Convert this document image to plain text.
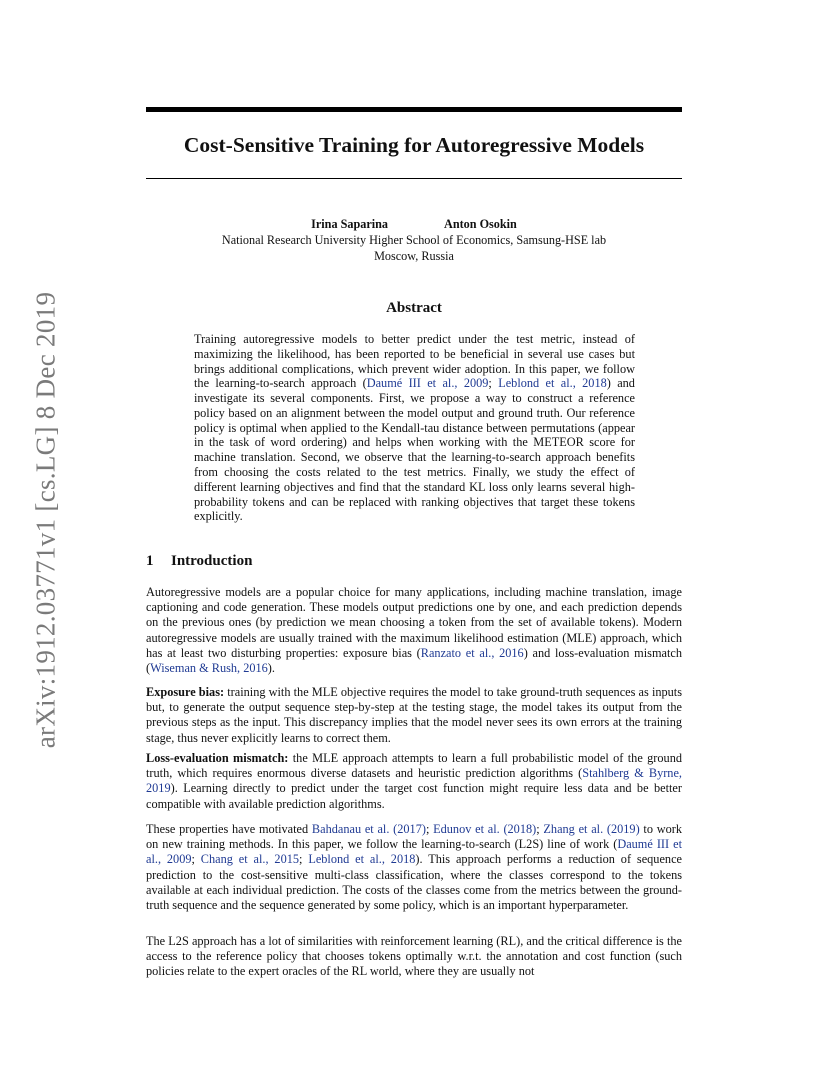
arXiv:1912.03771v1 [cs.LG] 8 Dec 2019
Cost-Sensitive Training for Autoregressive Models
Irina Saparina	Anton Osokin
National Research University Higher School of Economics, Samsung-HSE lab
Moscow, Russia
Abstract
Training autoregressive models to better predict under the test metric, instead of maximizing the likelihood, has been reported to be beneficial in several use cases but brings additional complications, which prevent wider adoption. In this paper, we follow the learning-to-search approach (Daumé III et al., 2009; Leblond et al., 2018) and investigate its several components. First, we propose a way to construct a reference policy based on an alignment between the model output and ground truth. Our reference policy is optimal when applied to the Kendall-tau distance between permutations (appear in the task of word ordering) and helps when working with the METEOR score for machine translation. Second, we observe that the learning-to-search approach benefits from choosing the costs related to the test metrics. Finally, we study the effect of different learning objectives and find that the standard KL loss only learns several high-probability tokens and can be replaced with ranking objectives that target these tokens explicitly.
1 Introduction
Autoregressive models are a popular choice for many applications, including machine translation, image captioning and code generation. These models output predictions one by one, and each prediction depends on the previous ones (by prediction we mean choosing a token from the set of available tokens). Modern autoregressive models are usually trained with the maximum likelihood estimation (MLE) approach, which has at least two disturbing properties: exposure bias (Ranzato et al., 2016) and loss-evaluation mismatch (Wiseman & Rush, 2016).
Exposure bias: training with the MLE objective requires the model to take ground-truth sequences as inputs but, to generate the output sequence step-by-step at the testing stage, the model takes its output from the previous steps as the input. This discrepancy implies that the model never sees its own errors at the training stage, thus never explicitly learns to correct them.
Loss-evaluation mismatch: the MLE approach attempts to learn a full probabilistic model of the ground truth, which requires enormous diverse datasets and heuristic prediction algorithms (Stahlberg & Byrne, 2019). Learning directly to predict under the target cost function might require less data and be better compatible with available prediction algorithms.
These properties have motivated Bahdanau et al. (2017); Edunov et al. (2018); Zhang et al. (2019) to work on new training methods. In this paper, we follow the learning-to-search (L2S) line of work (Daumé III et al., 2009; Chang et al., 2015; Leblond et al., 2018). This approach performs a reduction of sequence prediction to the cost-sensitive multi-class classification, where the classes correspond to the tokens available at each individual prediction. The costs of the classes come from the metrics between the ground-truth sequence and the sequence generated by some policy, which is an important hyperparameter.
The L2S approach has a lot of similarities with reinforcement learning (RL), and the critical difference is the access to the reference policy that chooses tokens optimally w.r.t. the annotation and cost function (such policies relate to the expert oracles of the RL world, where they are usually not
